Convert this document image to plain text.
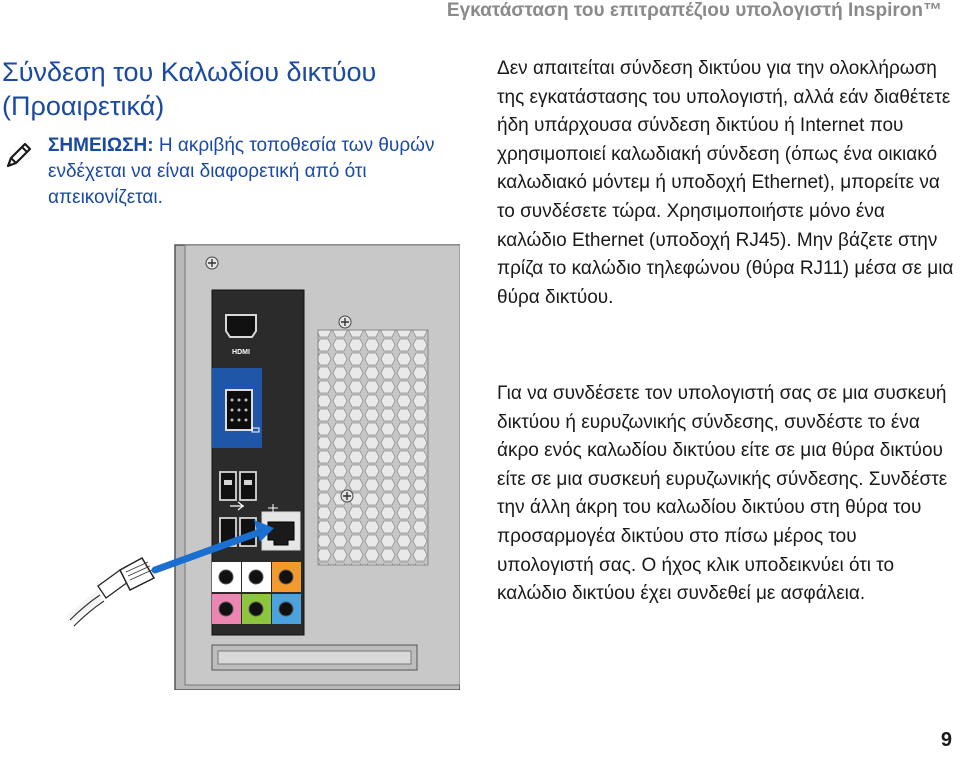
Εγκατάσταση του επιτραπέζιου υπολογιστή Inspiron™
Σύνδεση του Καλωδίου δικτύου (Προαιρετικά)
ΣΗΜΕΙΩΣΗ: Η ακριβής τοποθεσία των θυρών ενδέχεται να είναι διαφορετική από ότι απεικονίζεται.

Δεν απαιτείται σύνδεση δικτύου για την ολοκλήρωση της εγκατάστασης του υπολογιστή, αλλά εάν διαθέτετε ήδη υπάρχουσα σύνδεση δικτύου ή Internet που χρησιμοποιεί καλωδιακή σύνδεση (όπως ένα οικιακό καλωδιακό μόντεμ ή υποδοχή Ethernet), μπορείτε να το συνδέσετε τώρα. Χρησιμοποιήστε μόνο ένα καλώδιο Ethernet (υποδοχή RJ45). Μην βάζετε στην πρίζα το καλώδιο τηλεφώνου (θύρα RJ11) μέσα σε μια θύρα δικτύου.

Για να συνδέσετε τον υπολογιστή σας σε μια συσκευή δικτύου ή ευρυζωνικής σύνδεσης, συνδέστε το ένα άκρο ενός καλωδίου δικτύου είτε σε μια θύρα δικτύου είτε σε μια συσκευή ευρυζωνικής σύνδεσης. Συνδέστε την άλλη άκρη του καλωδίου δικτύου στη θύρα του προσαρμογέα δικτύου στο πίσω μέρος του υπολογιστή σας. Ο ήχος κλικ υποδεικνύει ότι το καλώδιο δικτύου έχει συνδεθεί με ασφάλεια.

HDMI
9
